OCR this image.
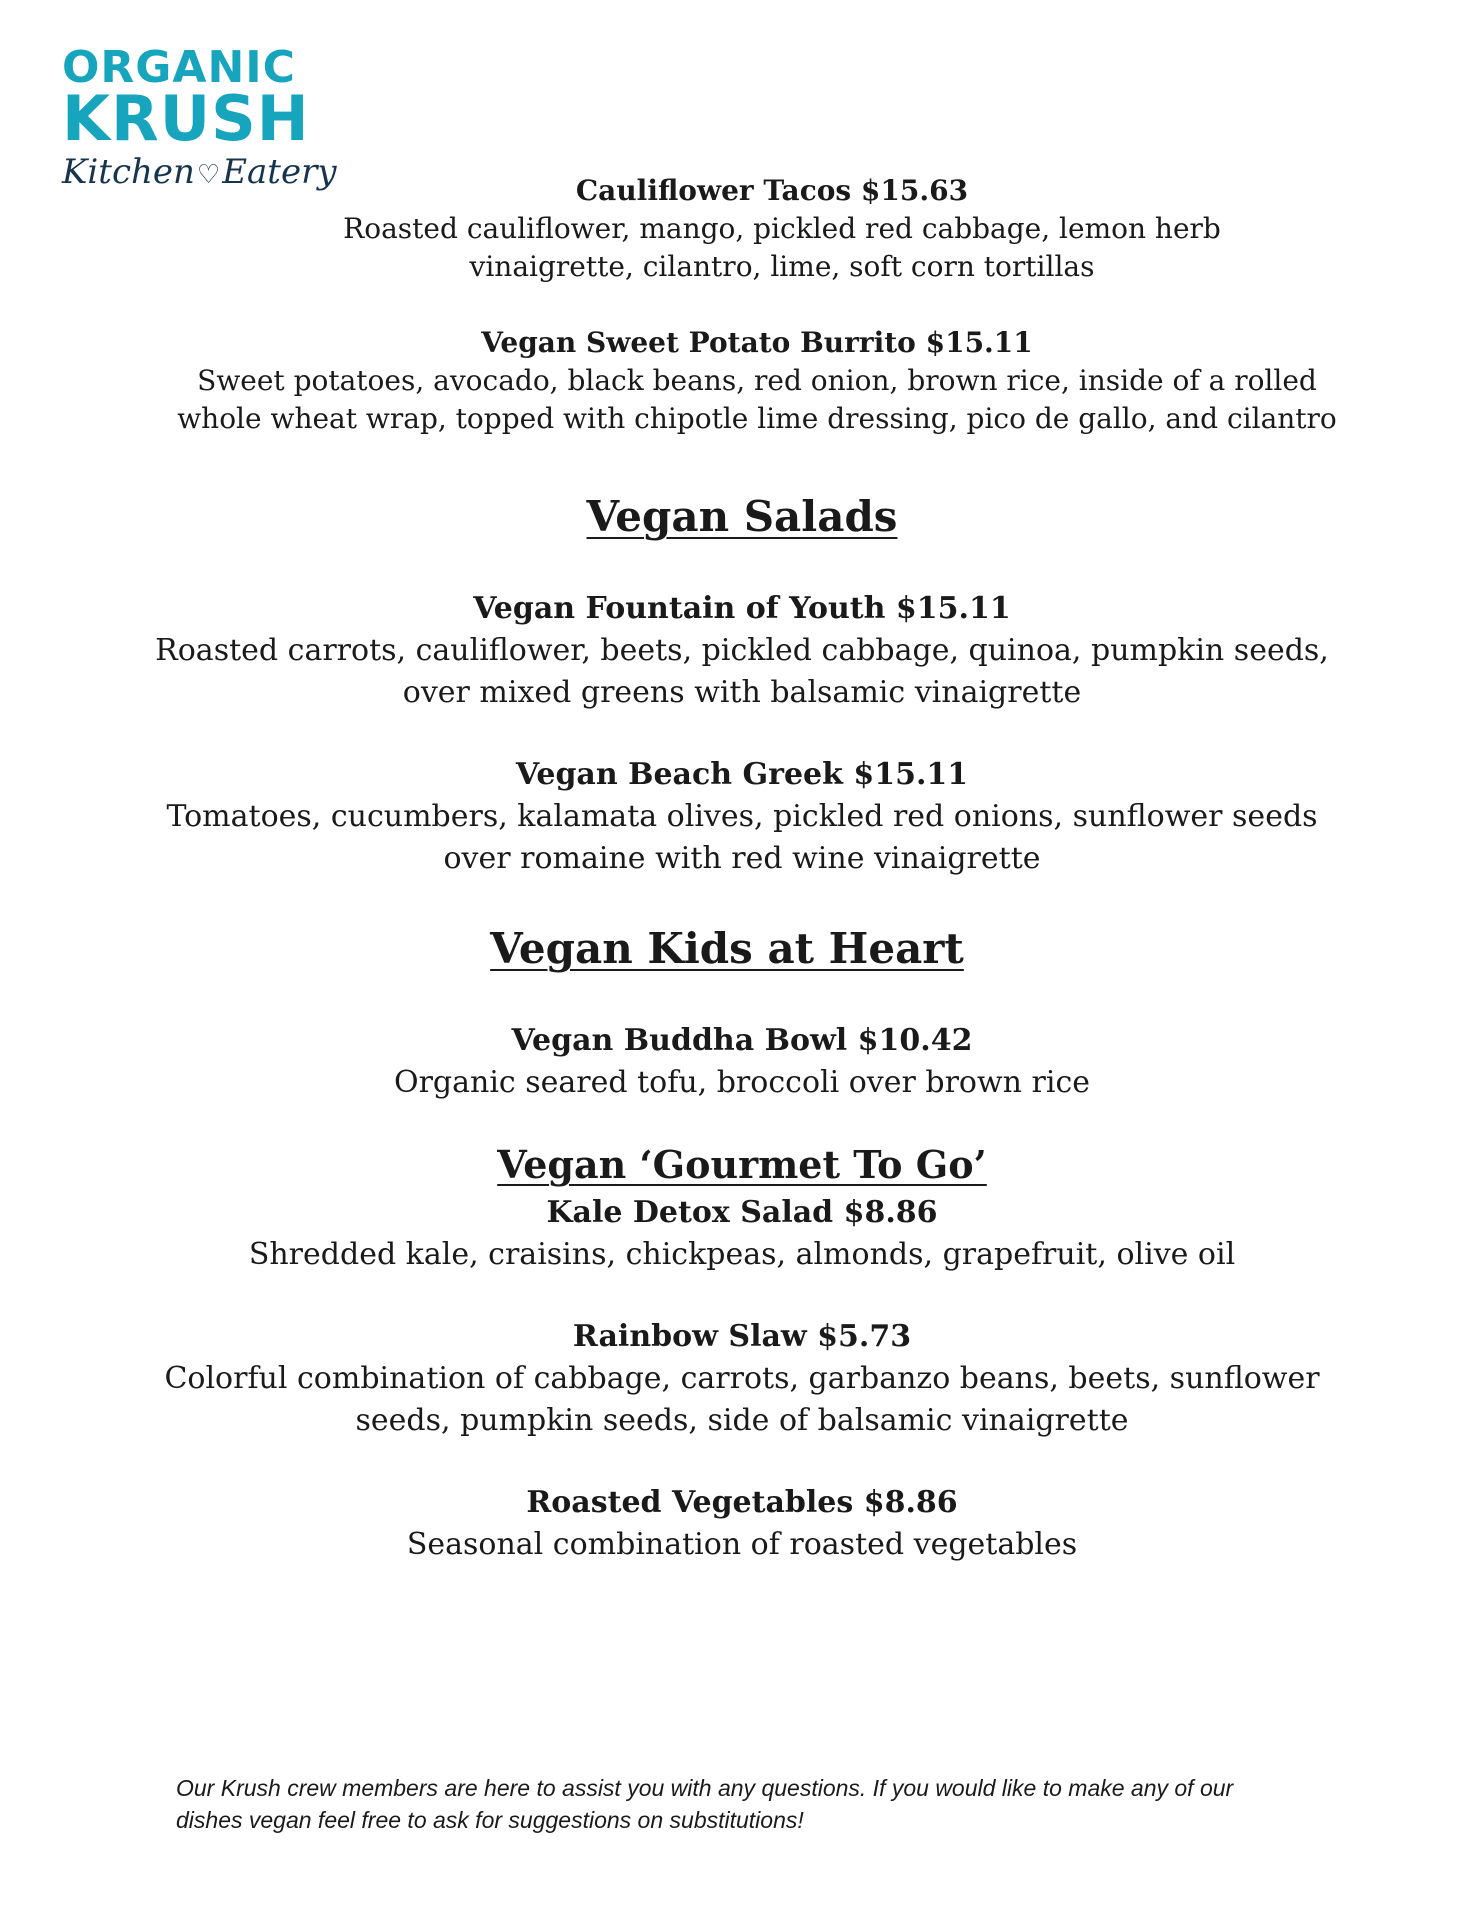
ORGANIC
KRUSH
Kitchen♡Eatery	Cauliflower Tacos $15.63
Roasted cauliflower, mango, pickled red cabbage, lemon herb
vinaigrette, cilantro, lime, soft corn tortillas
Vegan Sweet Potato Burrito $15.11
Sweet potatoes, avocado, black beans, red onion, brown rice, inside of a rolled
whole wheat wrap, topped with chipotle lime dressing, pico de gallo, and cilantro
Vegan Salads
Vegan Fountain of Youth $15.11
Roasted carrots, cauliflower, beets, pickled cabbage, quinoa, pumpkin seeds,
over mixed greens with balsamic vinaigrette
Vegan Beach Greek $15.11
Tomatoes, cucumbers, kalamata olives, pickled red onions, sunflower seeds
over romaine with red wine vinaigrette
Vegan Kids at Heart
Vegan Buddha Bowl $10.42
Organic seared tofu, broccoli over brown rice
Vegan ‘Gourmet To Go’
Kale Detox Salad $8.86
Shredded kale, craisins, chickpeas, almonds, grapefruit, olive oil
Rainbow Slaw $5.73
Colorful combination of cabbage, carrots, garbanzo beans, beets, sunflower
seeds, pumpkin seeds, side of balsamic vinaigrette
Roasted Vegetables $8.86
Seasonal combination of roasted vegetables
Our Krush crew members are here to assist you with any questions. If you would like to make any of our
dishes vegan feel free to ask for suggestions on substitutions!
